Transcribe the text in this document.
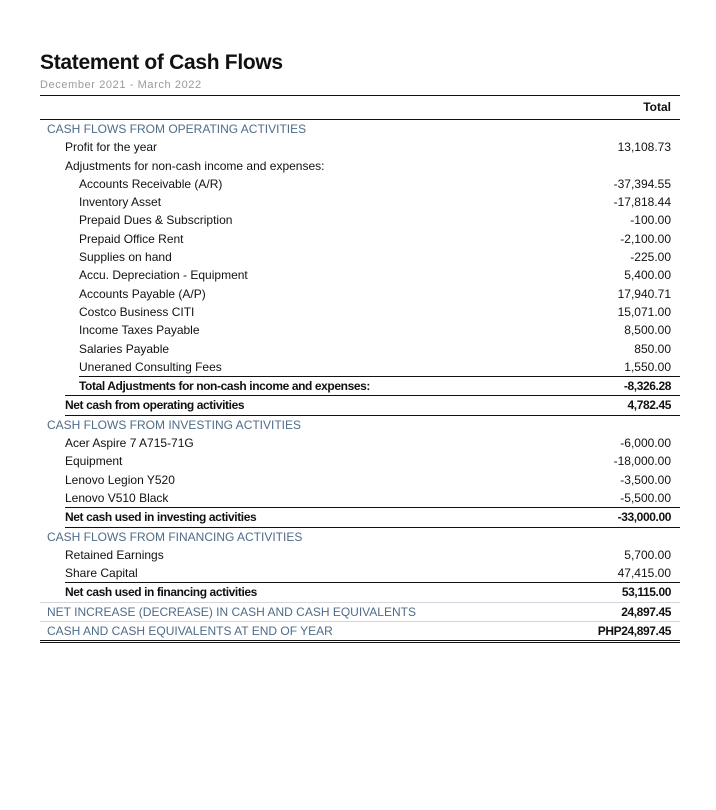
Statement of Cash Flows
December 2021 - March 2022
Total
CASH FLOWS FROM OPERATING ACTIVITIES
Profit for the year	13,108.73
Adjustments for non-cash income and expenses:
Accounts Receivable (A/R)	-37,394.55
Inventory Asset	-17,818.44
Prepaid Dues & Subscription	-100.00
Prepaid Office Rent	-2,100.00
Supplies on hand	-225.00
Accu. Depreciation - Equipment	5,400.00
Accounts Payable (A/P)	17,940.71
Costco Business CITI	15,071.00
Income Taxes Payable	8,500.00
Salaries Payable	850.00
Uneraned Consulting Fees	1,550.00
Total Adjustments for non-cash income and expenses:	-8,326.28
Net cash from operating activities	4,782.45
CASH FLOWS FROM INVESTING ACTIVITIES
Acer Aspire 7 A715-71G	-6,000.00
Equipment	-18,000.00
Lenovo Legion Y520	-3,500.00
Lenovo V510 Black	-5,500.00
Net cash used in investing activities	-33,000.00
CASH FLOWS FROM FINANCING ACTIVITIES
Retained Earnings	5,700.00
Share Capital	47,415.00
Net cash used in financing activities	53,115.00
NET INCREASE (DECREASE) IN CASH AND CASH EQUIVALENTS	24,897.45
CASH AND CASH EQUIVALENTS AT END OF YEAR	PHP24,897.45
